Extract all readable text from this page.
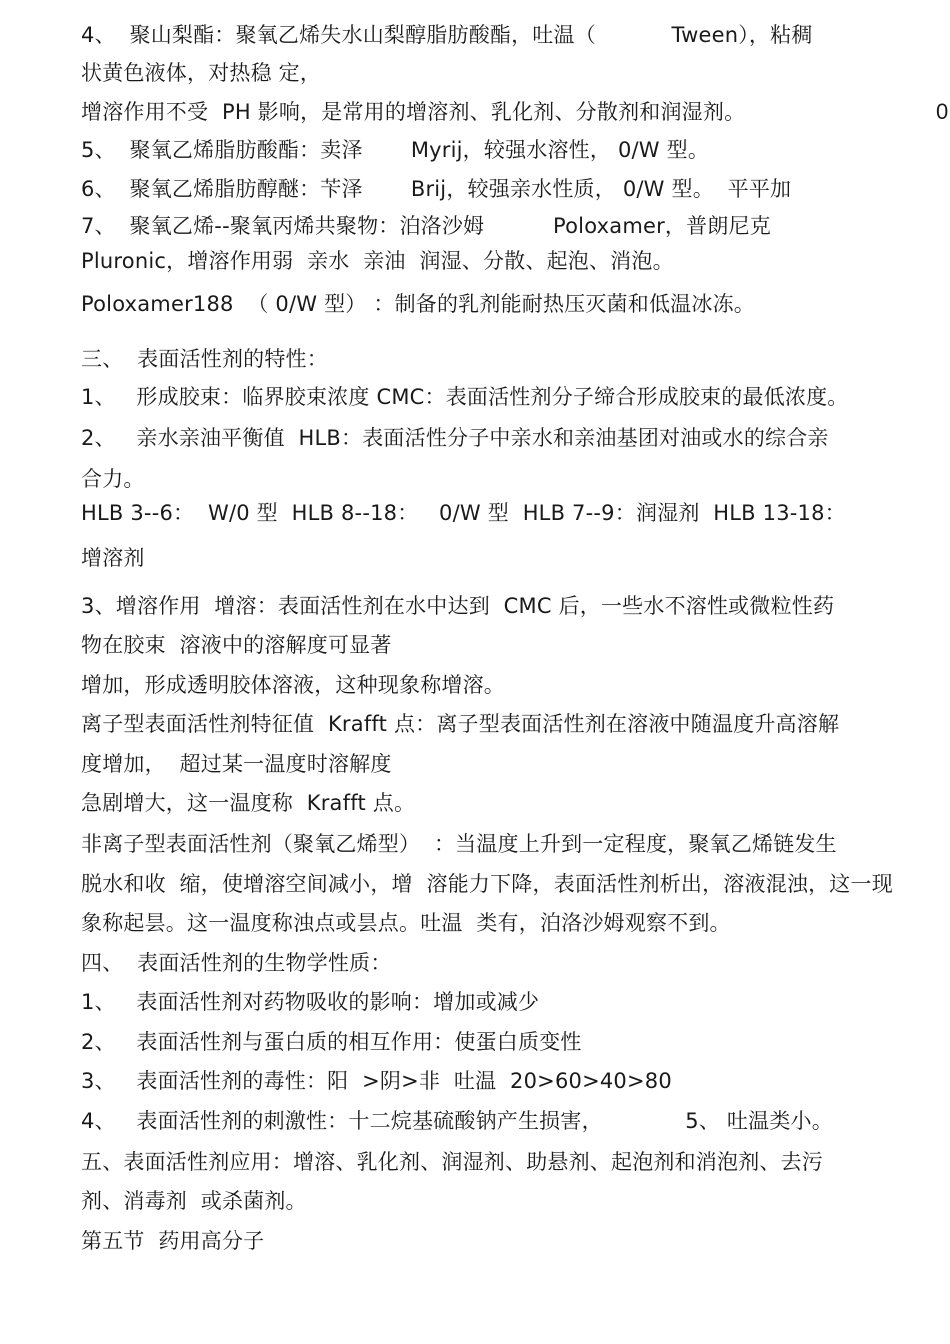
4、  聚山梨酯：聚氧乙烯失水山梨醇脂肪酸酯，吐温（           Tween），粘稠
状黄色液体，对热稳 定，
增溶作用不受  PH 影响，是常用的增溶剂、乳化剂、分散剂和润湿剂。
5、  聚氧乙烯脂肪酸酯：卖泽       Myrij，较强水溶性， 0/W 型。
6、  聚氧乙烯脂肪醇醚：苄泽       Brij，较强亲水性质， 0/W 型。  平平加
7、  聚氧乙烯--聚氧丙烯共聚物：泊洛沙姆          Poloxamer，普朗尼克
Pluronic，增溶作用弱  亲水  亲油  润湿、分散、起泡、消泡。
Poloxamer188  （ 0/W 型） ：制备的乳剂能耐热压灭菌和低温冰冻。
三、  表面活性剂的特性：
1、   形成胶束：临界胶束浓度 CMC：表面活性剂分子缔合形成胶束的最低浓度。
2、   亲水亲油平衡值  HLB：表面活性分子中亲水和亲油基团对油或水的综合亲
合力。
HLB 3--6：  W/0 型  HLB 8--18：   0/W 型  HLB 7--9：润湿剂  HLB 13-18：
增溶剂
3、增溶作用  增溶：表面活性剂在水中达到  CMC 后，一些水不溶性或微粒性药
物在胶束  溶液中的溶解度可显著
增加，形成透明胶体溶液，这种现象称增溶。
离子型表面活性剂特征值  Krafft 点：离子型表面活性剂在溶液中随温度升高溶解
度增加，  超过某一温度时溶解度
急剧增大，这一温度称  Krafft 点。
非离子型表面活性剂（聚氧乙烯型）  ：当温度上升到一定程度，聚氧乙烯链发生
脱水和收  缩，使增溶空间减小，增  溶能力下降，表面活性剂析出，溶液混浊，这一现
象称起昙。这一温度称浊点或昙点。吐温  类有，泊洛沙姆观察不到。
四、  表面活性剂的生物学性质：
1、   表面活性剂对药物吸收的影响：增加或减少
2、   表面活性剂与蛋白质的相互作用：使蛋白质变性
3、   表面活性剂的毒性：阳  >阴>非  吐温  20>60>40>80
4、   表面活性剂的刺激性：十二烷基硫酸钠产生损害，            5、 吐温类小。
五、表面活性剂应用：增溶、乳化剂、润湿剂、助悬剂、起泡剂和消泡剂、去污
剂、消毒剂  或杀菌剂。
第五节  药用高分子
0
